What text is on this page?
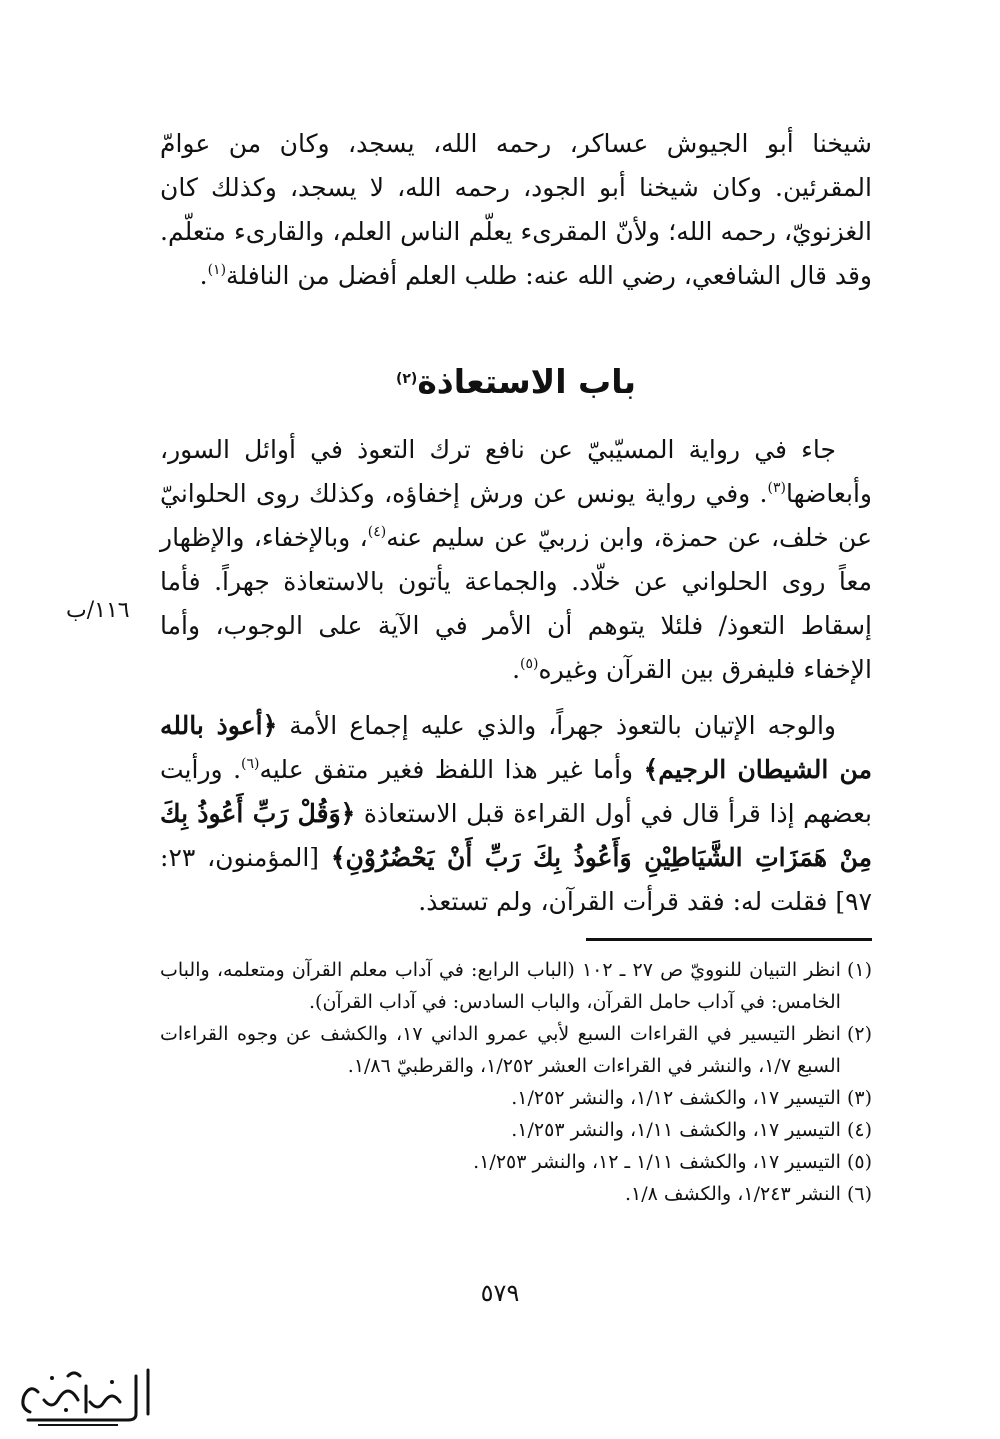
شيخنا أبو الجيوش عساكر، رحمه الله، يسجد، وكان من عوامّ المقرئين. وكان شيخنا أبو الجود، رحمه الله، لا يسجد، وكذلك كان الغزنويّ، رحمه الله؛ ولأنّ المقرىء يعلّم الناس العلم، والقارىء متعلّم. وقد قال الشافعي، رضي الله عنه: طلب العلم أفضل من النافلة$^{(١)}$.

باب الاستعاذة$^{(٢)}$

جاء في رواية المسيّبيّ عن نافع ترك التعوذ في أوائل السور، وأبعاضها$^{(٣)}$. وفي رواية يونس عن ورش إخفاؤه، وكذلك روى الحلوانيّ عن خلف، عن حمزة، وابن زربيّ عن سليم عنه$^{(٤)}$، وبالإخفاء، والإظهار معاً روى الحلواني عن خلّاد. والجماعة يأتون بالاستعاذة جهراً. فأما إسقاط التعوذ/ فلئلا يتوهم أن الأمر في الآية على الوجوب، وأما الإخفاء فليفرق بين القرآن وغيره$^{(٥)}$.

١١٦/ب

والوجه الإتيان بالتعوذ جهراً، والذي عليه إجماع الأمة ﴿أعوذ بالله من الشيطان الرجيم﴾ وأما غير هذا اللفظ فغير متفق عليه$^{(٦)}$. ورأيت بعضهم إذا قرأ قال في أول القراءة قبل الاستعاذة ﴿وَقُلْ رَبِّ أَعُوذُ بِكَ مِنْ هَمَزَاتِ الشَّيَاطِيْنِ وَأَعُوذُ بِكَ رَبِّ أَنْ يَحْضُرُوْنِ﴾ [المؤمنون، ٢٣: ٩٧] فقلت له: فقد قرأت القرآن، ولم تستعذ.

(١)
انظر التبيان للنوويّ ص ٢٧ ـ ١٠٢ (الباب الرابع: في آداب معلم القرآن ومتعلمه، والباب الخامس: في آداب حامل القرآن، والباب السادس: في آداب القرآن).
(٢)
انظر التيسير في القراءات السبع لأبي عمرو الداني ١٧، والكشف عن وجوه القراءات السبع ١/٧، والنشر في القراءات العشر ١/٢٥٢، والقرطبيّ ١/٨٦.
(٣)
التيسير ١٧، والكشف ١/١٢، والنشر ١/٢٥٢.
(٤)
التيسير ١٧، والكشف ١/١١، والنشر ١/٢٥٣.
(٥)
التيسير ١٧، والكشف ١/١١ ـ ١٢، والنشر ١/٢٥٣.
(٦)
النشر ١/٢٤٣، والكشف ١/٨.
٥٧٩
